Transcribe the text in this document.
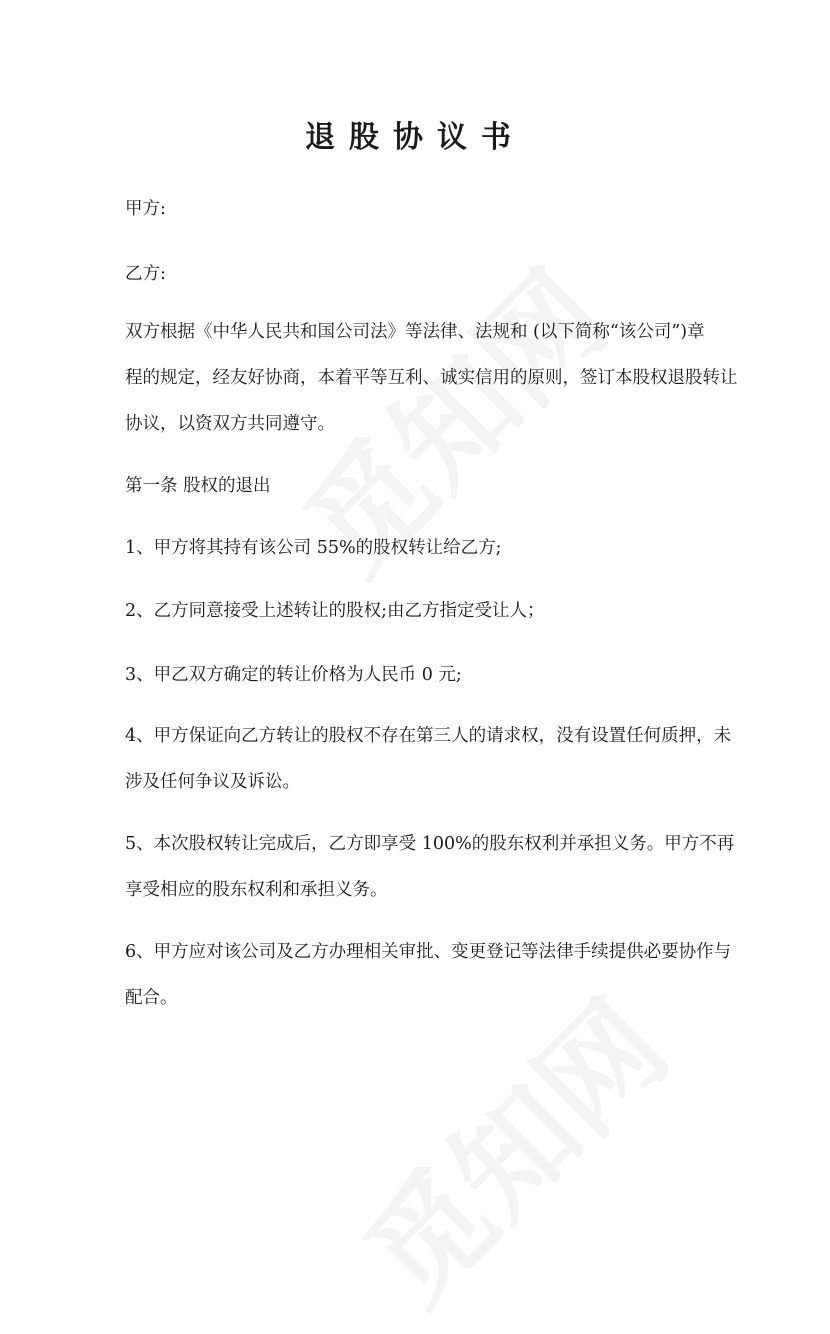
退股协议书
甲方:
乙方:
双方根据《中华人民共和国公司法》等法律、法规和 (以下简称“该公司”)章
程的规定，经友好协商，本着平等互利、诚实信用的原则，签订本股权退股转让
协议，以资双方共同遵守。
第一条 股权的退出
1、甲方将其持有该公司 55%的股权转让给乙方;
2、乙方同意接受上述转让的股权;由乙方指定受让人；
3、甲乙双方确定的转让价格为人民币 0 元;
4、甲方保证向乙方转让的股权不存在第三人的请求权，没有设置任何质押，未
涉及任何争议及诉讼。
5、本次股权转让完成后，乙方即享受 100%的股东权利并承担义务。甲方不再
享受相应的股东权利和承担义务。
6、甲方应对该公司及乙方办理相关审批、变更登记等法律手续提供必要协作与
配合。
